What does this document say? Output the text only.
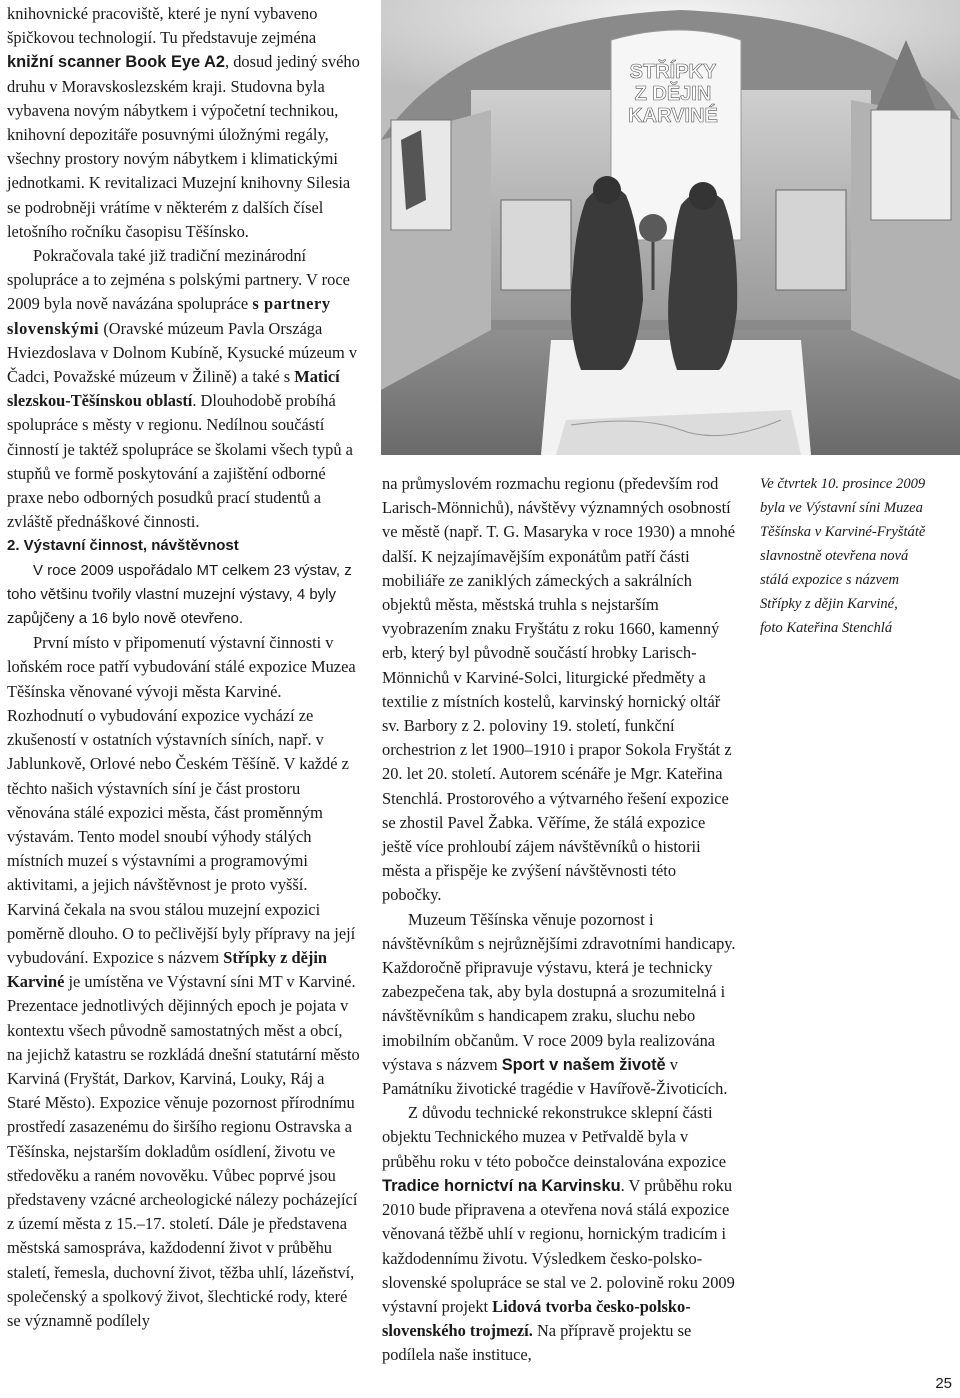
knihovnické pracoviště, které je nyní vybaveno špičkovou technologií. Tu představuje zejména knižní scanner Book Eye A2, dosud jediný svého druhu v Moravskoslezském kraji. Studovna byla vybavena novým nábytkem i výpočetní technikou, knihovní depozitáře posuvnými úložnými regály, všechny prostory novým nábytkem i klimatickými jednotkami. K revitalizaci Muzejní knihovny Silesia se podrobněji vrátíme v některém z dalších čísel letošního ročníku časopisu Těšínsko.

Pokračovala také již tradiční mezinárodní spolupráce a to zejména s polskými partnery. V roce 2009 byla nově navázána spolupráce s partnery slovenskými (Oravské múzeum Pavla Országa Hviezdoslava v Dolnom Kubíně, Kysucké múzeum v Čadci, Považské múzeum v Žilině) a také s Maticí slezskou-Těšínskou oblastí. Dlouhodobě probíhá spolupráce s městy v regionu. Nedílnou součástí činností je taktéž spolupráce se školami všech typů a stupňů ve formě poskytování a zajištění odborné praxe nebo odborných posudků prací studentů a zvláště přednáškové činnosti.

2. Výstavní činnost, návštěvnost

V roce 2009 uspořádalo MT celkem 23 výstav, z toho většinu tvořily vlastní muzejní výstavy, 4 byly zapůjčeny a 16 bylo nově otevřeno.

První místo v připomenutí výstavní činnosti v loňském roce patří vybudování stálé expozice Muzea Těšínska věnované vývoji města Karviné. Rozhodnutí o vybudování expozice vychází ze zkušeností v ostatních výstavních síních, např. v Jablunkově, Orlové nebo Českém Těšíně. V každé z těchto našich výstavních síní je část prostoru věnována stálé expozici města, část proměnným výstavám. Tento model snoubí výhody stálých místních muzeí s výstavními a programovými aktivitami, a jejich návštěvnost je proto vyšší. Karviná čekala na svou stálou muzejní expozici poměrně dlouho. O to pečlivější byly přípravy na její vybudování. Expozice s názvem Střípky z dějin Karviné je umístěna ve Výstavní síni MT v Karviné. Prezentace jednotlivých dějinných epoch je pojata v kontextu všech původně samostatných měst a obcí, na jejichž katastru se rozkládá dnešní statutární město Karviná (Fryštát, Darkov, Karviná, Louky, Ráj a Staré Město). Expozice věnuje pozornost přírodnímu prostředí zasazenému do širšího regionu Ostravska a Těšínska, nejstarším dokladům osídlení, životu ve středověku a raném novověku. Vůbec poprvé jsou představeny vzácné archeologické nálezy pocházející z území města z 15.–17. století. Dále je představena městská samospráva, každodenní život v průběhu staletí, řemesla, duchovní život, těžba uhlí, lázeňství, společenský a spolkový život, šlechtické rody, které se významně podílely

STŘÍPKY
Z DĚJIN
KARVINÉ

na průmyslovém rozmachu regionu (především rod Larisch-Mönnichů), návštěvy významných osobností ve městě (např. T. G. Masaryka v roce 1930) a mnohé další. K nejzajímavějším exponátům patří části mobiliáře ze zaniklých zámeckých a sakrálních objektů města, městská truhla s nejstarším vyobrazením znaku Fryštátu z roku 1660, kamenný erb, který byl původně součástí hrobky Larisch-Mönnichů v Karviné-Solci, liturgické předměty a textilie z místních kostelů, karvinský hornický oltář sv. Barbory z 2. poloviny 19. století, funkční orchestrion z let 1900–1910 i prapor Sokola Fryštát z 20. let 20. století. Autorem scénáře je Mgr. Kateřina Stenchlá. Prostorového a výtvarného řešení expozice se zhostil Pavel Žabka. Věříme, že stálá expozice ještě více prohloubí zájem návštěvníků o historii města a přispěje ke zvýšení návštěvnosti této pobočky.

Muzeum Těšínska věnuje pozornost i návštěvníkům s nejrůznějšími zdravotními handicapy. Každoročně připravuje výstavu, která je technicky zabezpečena tak, aby byla dostupná a srozumitelná i návštěvníkům s handicapem zraku, sluchu nebo imobilním občanům. V roce 2009 byla realizována výstava s názvem Sport v našem životě v Památníku životické tragédie v Havířově-Životicích.

Z důvodu technické rekonstrukce sklepní části objektu Technického muzea v Petřvaldě byla v průběhu roku v této pobočce deinstalována expozice Tradice hornictví na Karvinsku. V průběhu roku 2010 bude připravena a otevřena nová stálá expozice věnovaná těžbě uhlí v regionu, hornickým tradicím i každodennímu životu. Výsledkem česko-polsko-slovenské spolupráce se stal ve 2. polovině roku 2009 výstavní projekt Lidová tvorba česko-polsko-slovenského trojmezí. Na přípravě projektu se podílela naše instituce,

Ve čtvrtek 10. prosince 2009
byla ve Výstavní síni Muzea
Těšínska v Karviné-Fryštátě
slavnostně otevřena nová
stálá expozice s názvem
Střípky z dějin Karviné,
foto Kateřina Stenchlá
25
